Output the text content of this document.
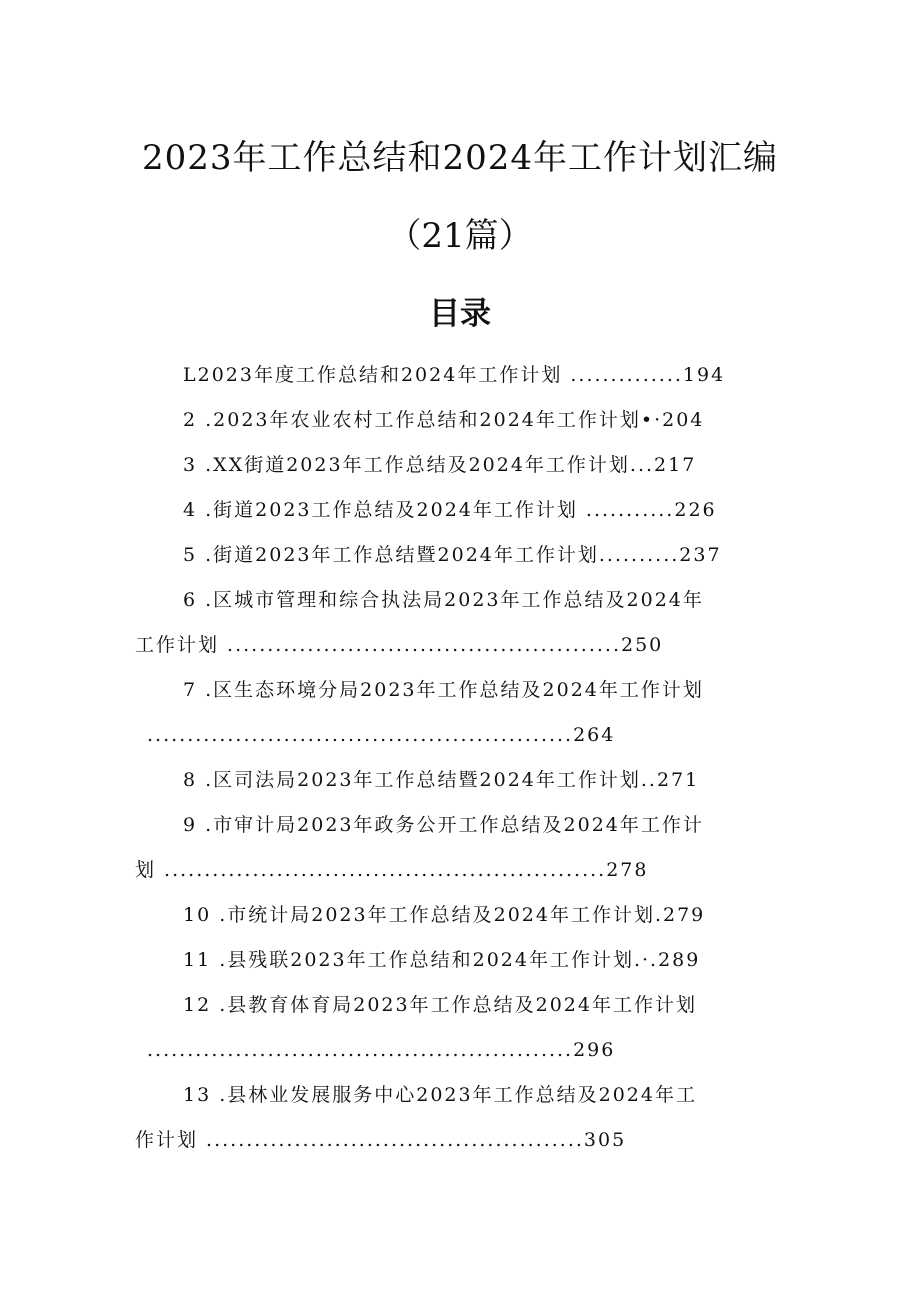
2023年工作总结和2024年工作计划汇编
（21篇）
目录
L2023年度工作总结和2024年工作计划 ..............194
2 .2023年农业农村工作总结和2024年工作计划•·204
3 .XX街道2023年工作总结及2024年工作计划...217
4 .街道2023工作总结及2024年工作计划 ...........226
5 .街道2023年工作总结暨2024年工作计划..........237
6 .区城市管理和综合执法局2023年工作总结及2024年
工作计划 .................................................250
7 .区生态环境分局2023年工作总结及2024年工作计划
.....................................................264
8 .区司法局2023年工作总结暨2024年工作计划..271
9 .市审计局2023年政务公开工作总结及2024年工作计
划 .......................................................278
10 .市统计局2023年工作总结及2024年工作计划.279
11 .县残联2023年工作总结和2024年工作计划.·.289
12 .县教育体育局2023年工作总结及2024年工作计划
.....................................................296
13 .县林业发展服务中心2023年工作总结及2024年工
作计划 ...............................................305
